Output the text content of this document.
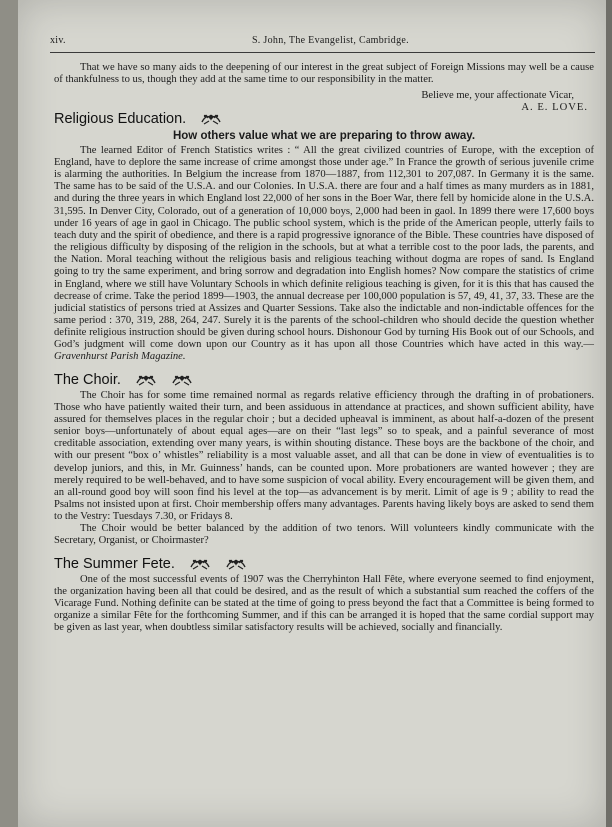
xiv.	S. John, The Evangelist, Cambridge.

That we have so many aids to the deepening of our interest in the great subject of Foreign Missions may well be a cause of thankfulness to us, though they add at the same time to our responsibility in the matter.

Believe me, your affectionate Vicar,
A. E. LOVE.
Religious Education.
How others value what we are preparing to throw away.

The learned Editor of French Statistics writes : “ All the great civilized countries of Europe, with the exception of England, have to deplore the same increase of crime amongst those under age.” In France the growth of serious juvenile crime is alarming the authorities. In Belgium the increase from 1870—1887, from 112,301 to 207,087. In Germany it is the same. The same has to be said of the U.S.A. and our Colonies. In U.S.A. there are four and a half times as many murders as in 1881, and during the three years in which England lost 22,000 of her sons in the Boer War, there fell by homicide alone in the U.S.A. 31,595. In Denver City, Colorado, out of a generation of 10,000 boys, 2,000 had been in gaol. In 1899 there were 17,600 boys under 16 years of age in gaol in Chicago. The public school system, which is the pride of the American people, utterly fails to teach duty and the spirit of obedience, and there is a rapid progressive ignorance of the Bible. These countries have disposed of the religious difficulty by disposing of the religion in the schools, but at what a terrible cost to the poor lads, the parents, and the Nation. Moral teaching without the religious basis and religious teaching without dogma are ropes of sand. Is England going to try the same experiment, and bring sorrow and degradation into English homes? Now compare the statistics of crime in England, where we still have Voluntary Schools in which definite religious teaching is given, for it is this that has caused the decrease of crime. Take the period 1899—1903, the annual decrease per 100,000 population is 57, 49, 41, 37, 33. These are the judicial statistics of persons tried at Assizes and Quarter Sessions. Take also the indictable and non-indictable offences for the same period : 370, 319, 288, 264, 247. Surely it is the parents of the school-children who should decide the question whether definite religious instruction should be given during school hours. Dishonour God by turning His Book out of our Schools, and God’s judgment will come down upon our Country as it has upon all those Countries which have acted in this way.—Gravenhurst Parish Magazine.

The Choir.

The Choir has for some time remained normal as regards relative efficiency through the drafting in of probationers. Those who have patiently waited their turn, and been assiduous in attendance at practices, and shown sufficient ability, have assured for themselves places in the regular choir ; but a decided upheaval is imminent, as about half-a-dozen of the present senior boys—unfortunately of about equal ages—are on their “last legs” so to speak, and a painful severance of most creditable association, extending over many years, is within shouting distance. These boys are the backbone of the choir, and with our present “box o’ whistles” reliability is a most valuable asset, and all that can be done in view of eventualities is to develop juniors, and this, in Mr. Guinness’ hands, can be counted upon. More probationers are wanted however ; they are merely required to be well-behaved, and to have some suspicion of vocal ability. Every encouragement will be given them, and an all-round good boy will soon find his level at the top—as advancement is by merit. Limit of age is 9 ; ability to read the Psalms not insisted upon at first. Choir membership offers many advantages. Parents having likely boys are asked to send them to the Vestry: Tuesdays 7.30, or Fridays 8.

The Choir would be better balanced by the addition of two tenors. Will volunteers kindly communicate with the Secretary, Organist, or Choirmaster?

The Summer Fete.

One of the most successful events of 1907 was the Cherryhinton Hall Fête, where everyone seemed to find enjoyment, the organization having been all that could be desired, and as the result of which a substantial sum reached the coffers of the Vicarage Fund. Nothing definite can be stated at the time of going to press beyond the fact that a Committee is being formed to organize a similar Fête for the forthcoming Summer, and if this can be arranged it is hoped that the same cordial support may be given as last year, when doubtless similar satisfactory results will be achieved, socially and financially.
